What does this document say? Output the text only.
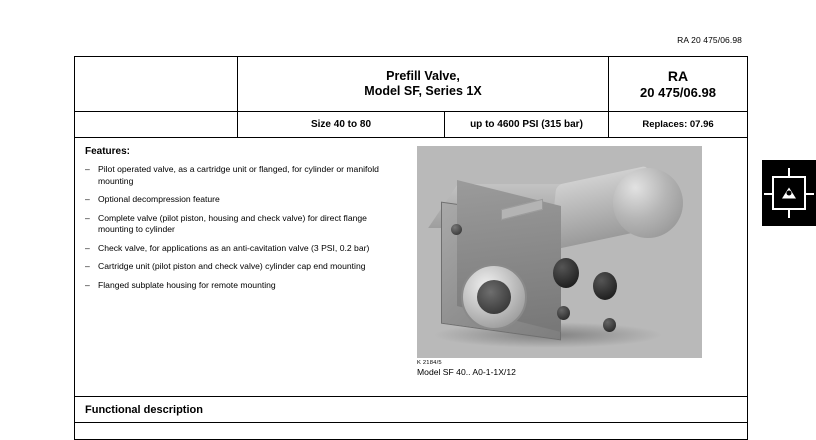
RA 20 475/06.98
Prefill Valve,
Model SF, Series 1X
RA
20 475/06.98
Size 40 to 80	up to 4600 PSI (315 bar)	Replaces: 07.96
Features:
– Pilot operated valve, as a cartridge unit or flanged, for cylinder or manifold mounting
– Optional decompression feature
– Complete valve (pilot piston, housing and check valve) for direct flange mounting to cylinder
– Check valve, for applications as an anti-cavitation valve (3 PSI, 0.2 bar)
– Cartridge unit (pilot piston and check valve) cylinder cap end mounting
– Flanged subplate housing for remote mounting
K 2184/5
Model SF 40.. A0-1-1X/12
Functional description
